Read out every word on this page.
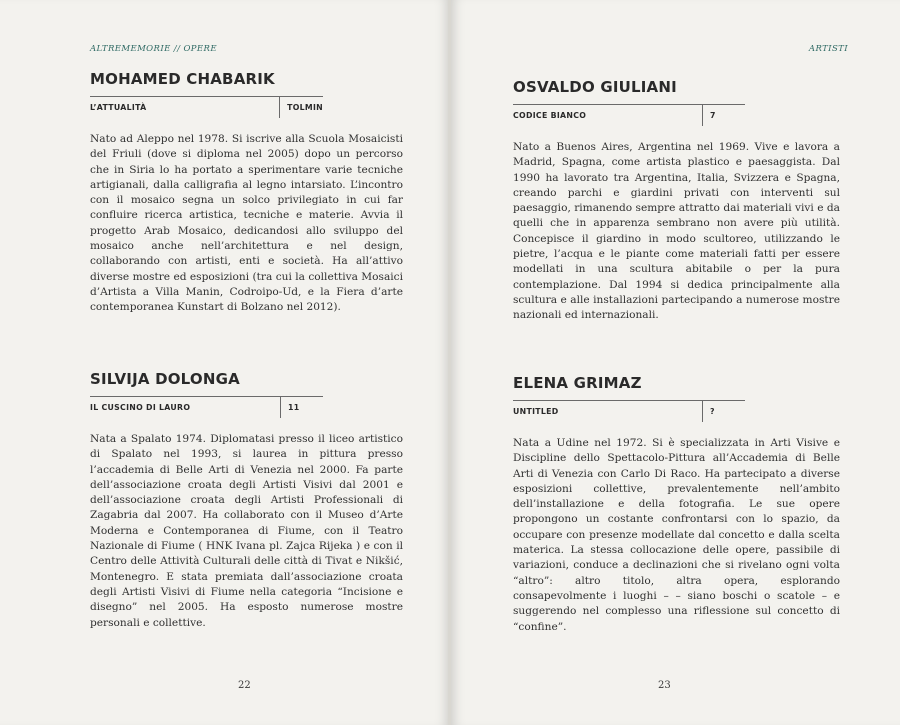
ALTREMEMORIE // OPERE
MOHAMED CHABARIK
L’ATTUALITÀ	TOLMIN

Nato ad Aleppo nel 1978. Si iscrive alla Scuola Mosaicisti del Friuli (dove si diploma nel 2005) dopo un percorso che in Siria lo ha portato a sperimentare varie tecniche artigianali, dalla calligrafia al legno intarsiato. L’incontro con il mosaico segna un solco privilegiato in cui far confluire ricerca artistica, tecniche e materie. Avvia il progetto Arab Mosaico, dedicandosi allo sviluppo del mosaico anche nell’architettura e nel design, collaborando con artisti, enti e società. Ha all’attivo diverse mostre ed esposizioni (tra cui la collettiva Mosaici d’Artista a Villa Manin, Codroipo-Ud, e la Fiera d’arte contemporanea Kunstart di Bolzano nel 2012).

SILVIJA DOLONGA
IL CUSCINO DI LAURO	11

Nata a Spalato 1974. Diplomatasi presso il liceo artistico di Spalato nel 1993, si laurea in pittura presso l’accademia di Belle Arti di Venezia nel 2000. Fa parte dell’associazione croata degli Artisti Visivi dal 2001 e dell’associazione croata degli Artisti Professionali di Zagabria dal 2007. Ha collaborato con il Museo d’Arte Moderna e Contemporanea di Fiume, con il Teatro Nazionale di Fiume ( HNK Ivana pl. Zajca Rijeka ) e con il Centro delle Attività Culturali delle città di Tivat e Nikšić, Montenegro. E stata premiata dall’associazione croata degli Artisti Visivi di Fiume nella categoria “Incisione e disegno” nel 2005. Ha esposto numerose mostre personali e collettive.

22
ARTISTI
OSVALDO GIULIANI
CODICE BIANCO	7

Nato a Buenos Aires, Argentina nel 1969. Vive e lavora a Madrid, Spagna, come artista plastico e paesaggista. Dal 1990 ha lavorato tra Argentina, Italia, Svizzera e Spagna, creando parchi e giardini privati con interventi sul paesaggio, rimanendo sempre attratto dai materiali vivi e da quelli che in apparenza sembrano non avere più utilità. Concepisce il giardino in modo scultoreo, utilizzando le pietre, l’acqua e le piante come materiali fatti per essere modellati in una scultura abitabile o per la pura contemplazione. Dal 1994 si dedica principalmente alla scultura e alle installazioni partecipando a numerose mostre nazionali ed internazionali.

ELENA GRIMAZ
UNTITLED	?

Nata a Udine nel 1972. Si è specializzata in Arti Visive e Discipline dello Spettacolo-Pittura all’Accademia di Belle Arti di Venezia con Carlo Di Raco. Ha partecipato a diverse esposizioni collettive, prevalentemente nell’ambito dell’installazione e della fotografia. Le sue opere propongono un costante confrontarsi con lo spazio, da occupare con presenze modellate dal concetto e dalla scelta materica. La stessa collocazione delle opere, passibile di variazioni, conduce a declinazioni che si rivelano ogni volta “altro”: altro titolo, altra opera, esplorando consapevolmente i luoghi – – siano boschi o scatole – e suggerendo nel complesso una riflessione sul concetto di “confine”.

23
